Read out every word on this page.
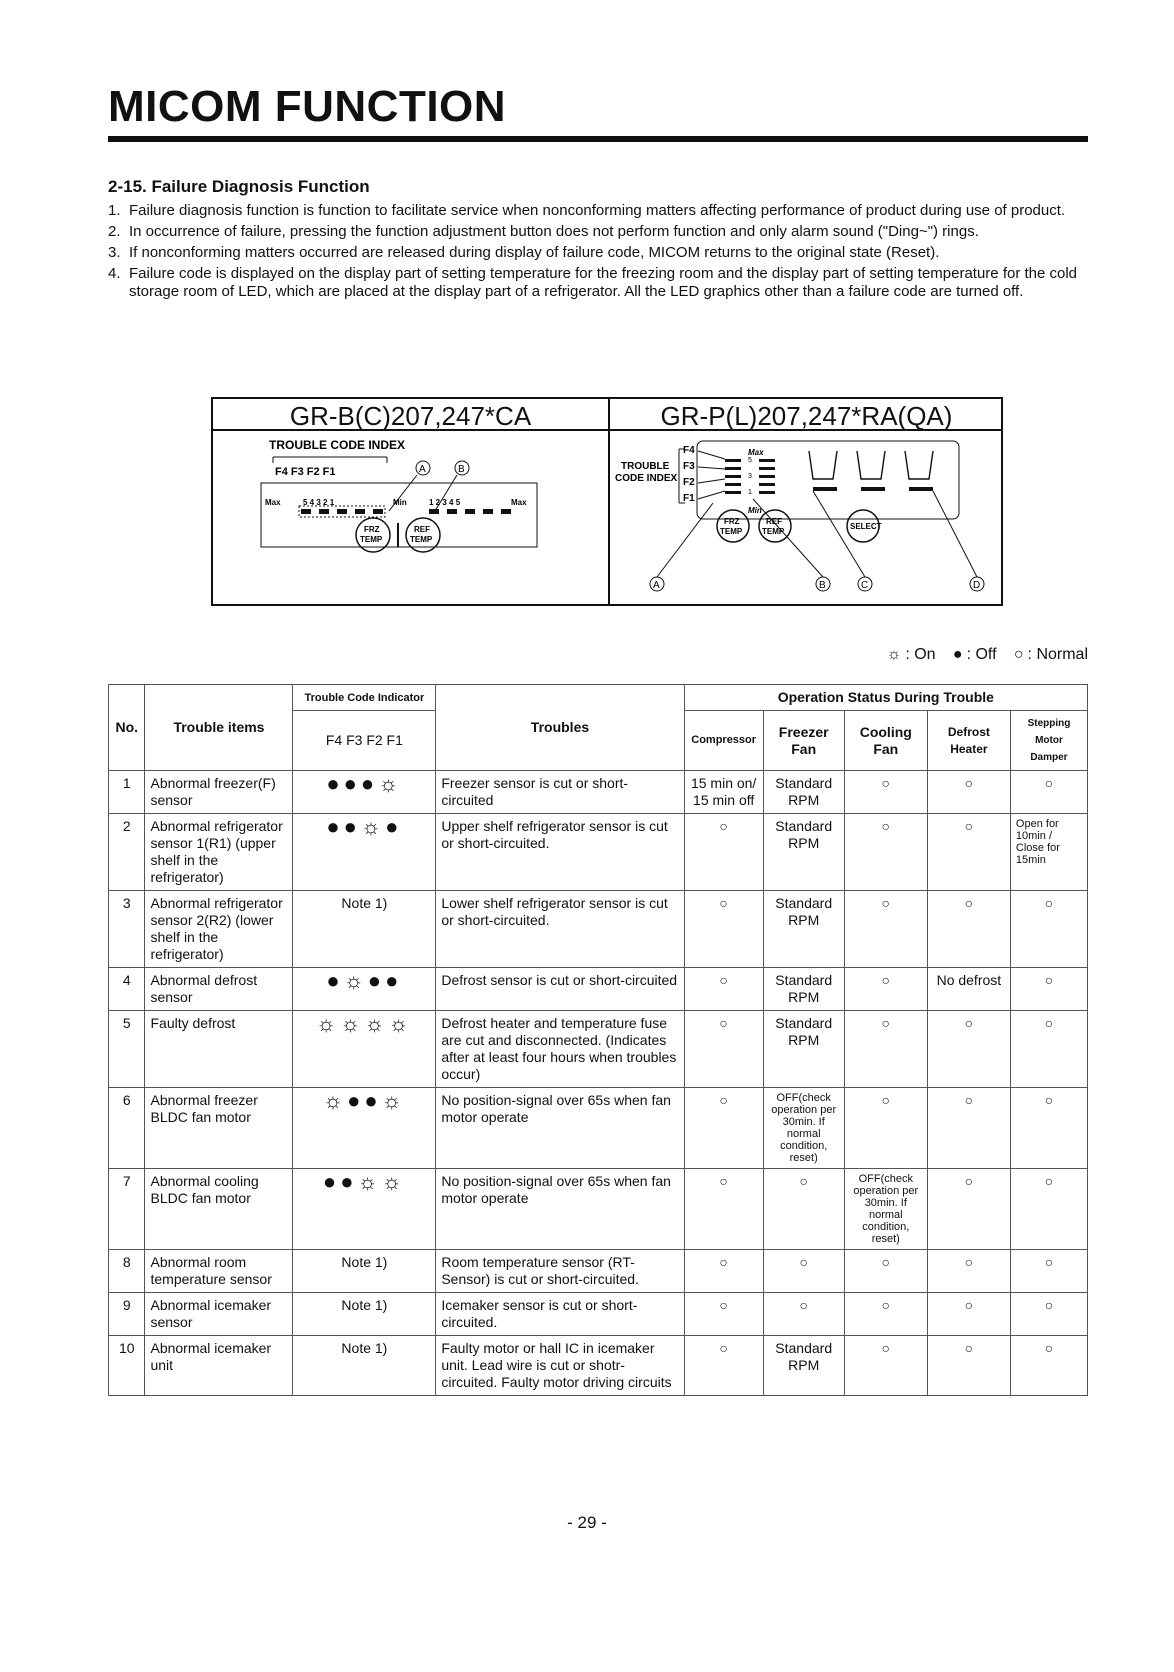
MICOM FUNCTION
2-15. Failure Diagnosis Function
1. Failure diagnosis function is function to facilitate service when nonconforming matters affecting performance of product during use of product.
2. In occurrence of failure, pressing the function adjustment button does not perform function and only alarm sound ("Ding~") rings.
3. If nonconforming matters occurred are released during display of failure code, MICOM returns to the original state (Reset).
4. Failure code is displayed on the display part of setting temperature for the freezing room and the display part of setting temperature for the cold storage room of LED, which are placed at the display part of a refrigerator. All the LED graphics other than a failure code are turned off.
GR-B(C)207,247*CA	GR-P(L)207,247*RA(QA)
TROUBLE CODE INDEX
F4 F3 F2 F1	A	B
Max	5 4 3 2 1	Min	1 2 3 4 5	Max
FRZ
TEMP
REF
TEMP
TROUBLE
CODE INDEX
F4
F3
F2
F1
Max
Min
5
3
1
FRZ
TEMP
REF
TEMP
SELECT
A	B	C	D
☼ : On ● : Off ○ : Normal
No.	Trouble items	Trouble Code Indicator	Troubles	Operation Status During Trouble				
		F4 F3 F2 F1		Compressor	Freezer Fan	Cooling Fan	Defrost Heater	Stepping Motor Damper
1	Abnormal freezer(F) sensor	●●●☼	Freezer sensor is cut or short-circuited	15 min on/ 15 min off	Standard RPM	○	○	○
2	Abnormal refrigerator sensor 1(R1) (upper shelf in the refrigerator)	●●☼●	Upper shelf refrigerator sensor is cut or short-circuited.	○	Standard RPM	○	○	Open for 10min / Close for 15min
3	Abnormal refrigerator sensor 2(R2) (lower shelf in the refrigerator)	Note 1)	Lower shelf refrigerator sensor is cut or short-circuited.	○	Standard RPM	○	○	○
4	Abnormal defrost sensor	●☼●●	Defrost sensor is cut or short-circuited	○	Standard RPM	○	No defrost	○
5	Faulty defrost	☼☼☼☼	Defrost heater and temperature fuse are cut and disconnected. (Indicates after at least four hours when troubles occur)	○	Standard RPM	○	○	○
6	Abnormal freezer BLDC fan motor	☼●●☼	No position-signal over 65s when fan motor operate	○	OFF(check operation per 30min. If normal condition, reset)	○	○	○
7	Abnormal cooling BLDC fan motor	●●☼☼	No position-signal over 65s when fan motor operate	○	○	OFF(check operation per 30min. If normal condition, reset)	○	○
8	Abnormal room temperature sensor	Note 1)	Room temperature sensor (RT-Sensor) is cut or short-circuited.	○	○	○	○	○
9	Abnormal icemaker sensor	Note 1)	Icemaker sensor is cut or short-circuited.	○	○	○	○	○
10	Abnormal icemaker unit	Note 1)	Faulty motor or hall IC in icemaker unit. Lead wire is cut or shotr-circuited. Faulty motor driving circuits	○	Standard RPM	○	○	○
- 29 -
